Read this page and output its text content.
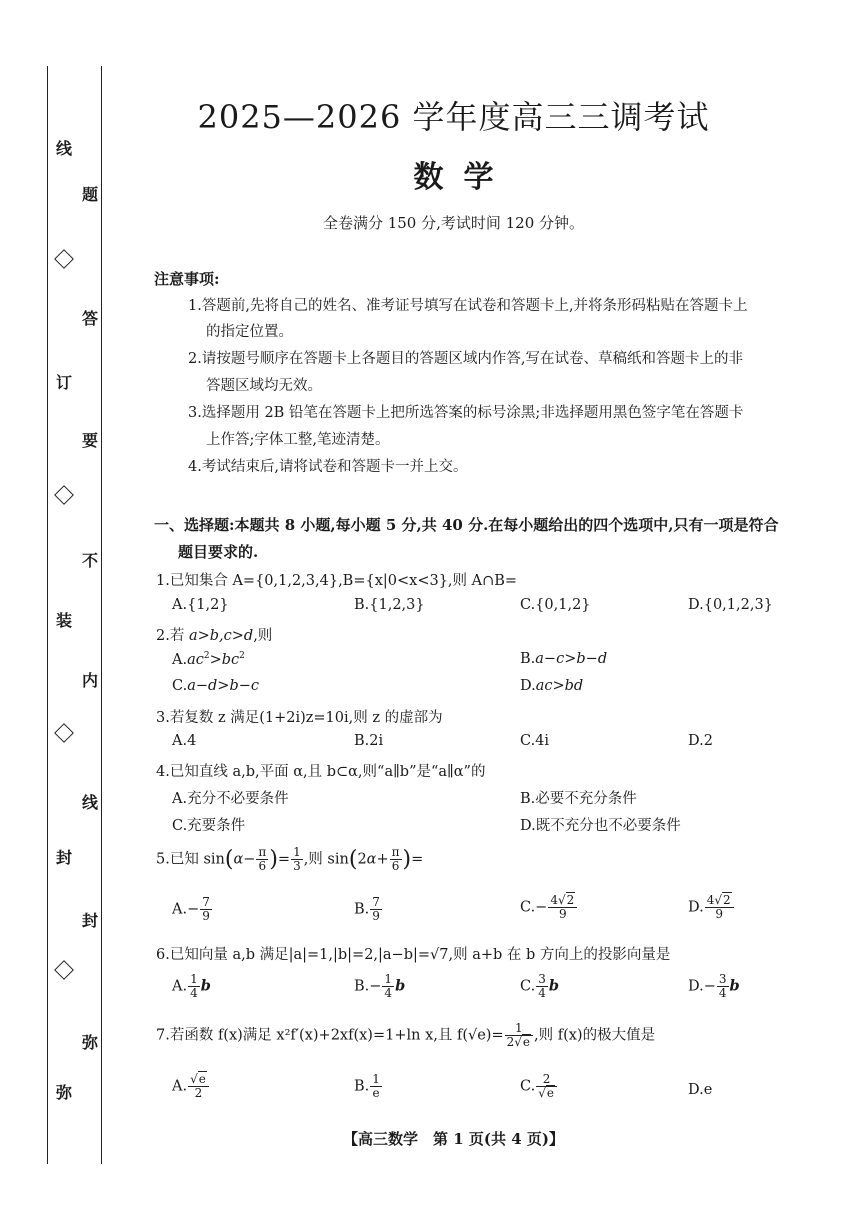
线
订
装
封
弥
题
答
要
不
内
线
封
弥
2025—2026 学年度高三三调考试
数 学
全卷满分 150 分,考试时间 120 分钟。
注意事项:
1.答题前,先将自己的姓名、准考证号填写在试卷和答题卡上,并将条形码粘贴在答题卡上
的指定位置。
2.请按题号顺序在答题卡上各题目的答题区域内作答,写在试卷、草稿纸和答题卡上的非
答题区域均无效。
3.选择题用 2B 铅笔在答题卡上把所选答案的标号涂黑;非选择题用黑色签字笔在答题卡
上作答;字体工整,笔迹清楚。
4.考试结束后,请将试卷和答题卡一并上交。
一、选择题:本题共 8 小题,每小题 5 分,共 40 分.在每小题给出的四个选项中,只有一项是符合
题目要求的.
1.已知集合 A={0,1,2,3,4},B={x|0<x<3},则 A∩B=
A.{1,2}	B.{1,2,3}	C.{0,1,2}	D.{0,1,2,3}
2.若 a>b,c>d,则
$A.ac^2>bc^2$	B.a−c>b−d
C.a−d>b−c	D.ac>bd
3.若复数 z 满足(1+2i)z=10i,则 z 的虚部为
A.4	B.2i	C.4i	D.2
4.已知直线 a,b,平面 α,且 b⊂α,则“a∥b”是“a∥α”的
A.充分不必要条件	B.必要不充分条件
C.充要条件	D.既不充分也不必要条件
5.已知 $\sin(\alpha- \frac{\pi}{6}$ )= $\frac{1}{3}$ ,则 $\sin(2\alpha+ \frac{\pi}{6}$ )=
$A.- \frac{7}{9}$	B. $\frac{7}{9}$	$C.- \frac{4√2}{9}$	D. $\frac{4√2}{9}$
6.已知向量 a,b 满足|a|=1,|b|=2,|a−b|=√7,则 a+b 在 b 方向上的投影向量是
A. $\frac{1}{4}$ b	$B.- \frac{1}{4}$ b	C. $\frac{3}{4}$ b	$D.- \frac{3}{4}$ b
7.若函数 f(x)满足 x²f′(x)+2xf(x)=1+ln x,且 $f(√e)= \frac{1}{2√e}$ ,则 f(x)的极大值是
A. $\frac{√e}{2}$	B. $\frac{1}{e}$	C. $\frac{2}{√e}$	D.e
【高三数学　第 1 页(共 4 页)】
